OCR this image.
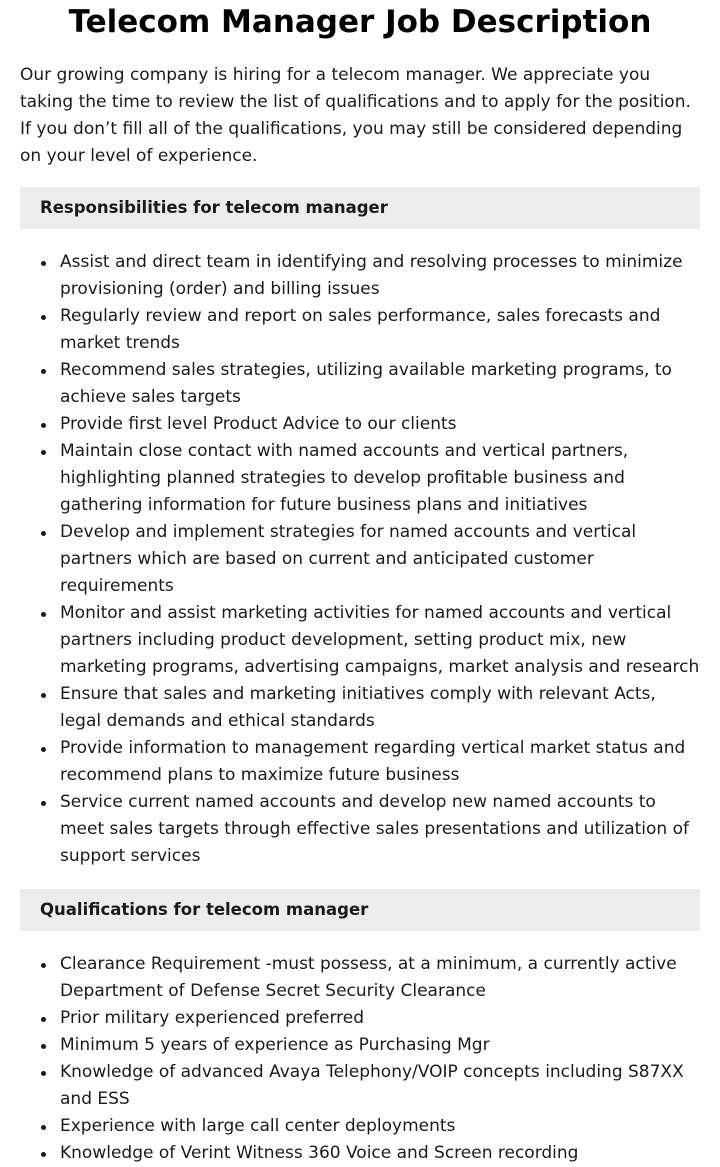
Telecom Manager Job Description

Our growing company is hiring for a telecom manager. We appreciate you taking the time to review the list of qualifications and to apply for the position. If you don’t fill all of the qualifications, you may still be considered depending on your level of experience.

Responsibilities for telecom manager
Assist and direct team in identifying and resolving processes to minimize provisioning (order) and billing issues
Regularly review and report on sales performance, sales forecasts and market trends
Recommend sales strategies, utilizing available marketing programs, to achieve sales targets
Provide first level Product Advice to our clients
Maintain close contact with named accounts and vertical partners, highlighting planned strategies to develop profitable business and gathering information for future business plans and initiatives
Develop and implement strategies for named accounts and vertical partners which are based on current and anticipated customer requirements
Monitor and assist marketing activities for named accounts and vertical partners including product development, setting product mix, new marketing programs, advertising campaigns, market analysis and research
Ensure that sales and marketing initiatives comply with relevant Acts, legal demands and ethical standards
Provide information to management regarding vertical market status and recommend plans to maximize future business
Service current named accounts and develop new named accounts to meet sales targets through effective sales presentations and utilization of support services
Qualifications for telecom manager
Clearance Requirement -must possess, at a minimum, a currently active Department of Defense Secret Security Clearance
Prior military experienced preferred
Minimum 5 years of experience as Purchasing Mgr
Knowledge of advanced Avaya Telephony/VOIP concepts including S87XX and ESS
Experience with large call center deployments
Knowledge of Verint Witness 360 Voice and Screen recording
